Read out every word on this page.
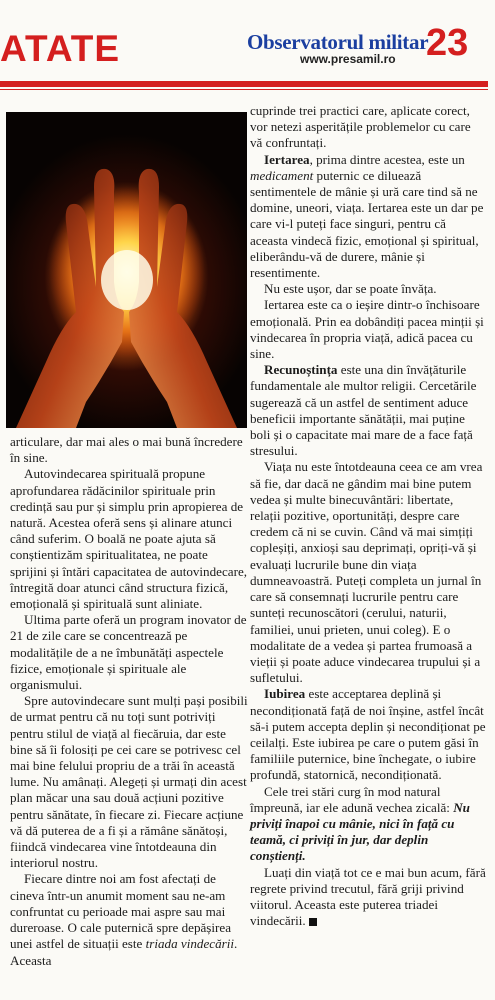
ATATE	Observatorul militar
www.presamil.ro 23

articulare, dar mai ales o mai bună încredere în sine.

Autovindecarea spirituală propune aprofundarea rădăcinilor spirituale prin credință sau pur și simplu prin apropierea de natură. Acestea oferă sens și alinare atunci când suferim. O boală ne poate ajuta să conștientizăm spiritualitatea, ne poate sprijini și întări capacitatea de autovindecare, întregită doar atunci când structura fizică, emoțională și spirituală sunt aliniate.

Ultima parte oferă un program inovator de 21 de zile care se concentrează pe modalitățile de a ne îmbunătăți aspectele fizice, emoționale și spirituale ale organismului.

Spre autovindecare sunt mulți pași posibili de urmat pentru că nu toți sunt potriviți pentru stilul de viață al fiecăruia, dar este bine să îi folosiți pe cei care se potrivesc cel mai bine felului propriu de a trăi în această lume. Nu amânați. Alegeți și urmați din acest plan măcar una sau două acțiuni pozitive pentru sănătate, în fiecare zi. Fiecare acțiune vă dă puterea de a fi și a rămâne sănătoși, fiindcă vindecarea vine întotdeauna din interiorul nostru.

Fiecare dintre noi am fost afectați de cineva într-un anumit moment sau ne-am confruntat cu perioade mai aspre sau mai dureroase. O cale puternică spre depășirea unei astfel de situații este triada vindecării. Aceasta

cuprinde trei practici care, aplicate corect, vor netezi asperitățile problemelor cu care vă confruntați.

Iertarea, prima dintre acestea, este un medicament puternic ce diluează sentimentele de mânie și ură care tind să ne domine, uneori, viața. Iertarea este un dar pe care vi-l puteți face singuri, pentru că aceasta vindecă fizic, emoțional și spiritual, eliberându-vă de durere, mânie și resentimente.

Nu este ușor, dar se poate învăța.

Iertarea este ca o ieșire dintr-o închisoare emoțională. Prin ea dobândiți pacea minții și vindecarea în propria viață, adică pacea cu sine.

Recunoștința este una din învățăturile fundamentale ale multor religii. Cercetările sugerează că un astfel de sentiment aduce beneficii importante sănătății, mai puține boli și o capacitate mai mare de a face față stresului.

Viața nu este întotdeauna ceea ce am vrea să fie, dar dacă ne gândim mai bine putem vedea și multe binecuvântări: libertate, relații pozitive, oportunități, despre care credem că ni se cuvin. Când vă mai simțiți copleșiți, anxioși sau deprimați, opriți-vă și evaluați lucrurile bune din viața dumneavoastră. Puteți completa un jurnal în care să consemnați lucrurile pentru care sunteți recunoscători (cerului, naturii, familiei, unui prieten, unui coleg). E o modalitate de a vedea și partea frumoasă a vieții și poate aduce vindecarea trupului și a sufletului.

Iubirea este acceptarea deplină și necondiționată față de noi înșine, astfel încât să-i putem accepta deplin și necondiționat pe ceilalți. Este iubirea pe care o putem găsi în familiile puternice, bine închegate, o iubire profundă, statornică, necondiționată.

Cele trei stări curg în mod natural împreună, iar ele adună vechea zicală: Nu priviți înapoi cu mânie, nici în față cu teamă, ci priviți în jur, dar deplin conștienți.

Luați din viață tot ce e mai bun acum, fără regrete privind trecutul, fără griji privind viitorul. Aceasta este puterea triadei vindecării.
